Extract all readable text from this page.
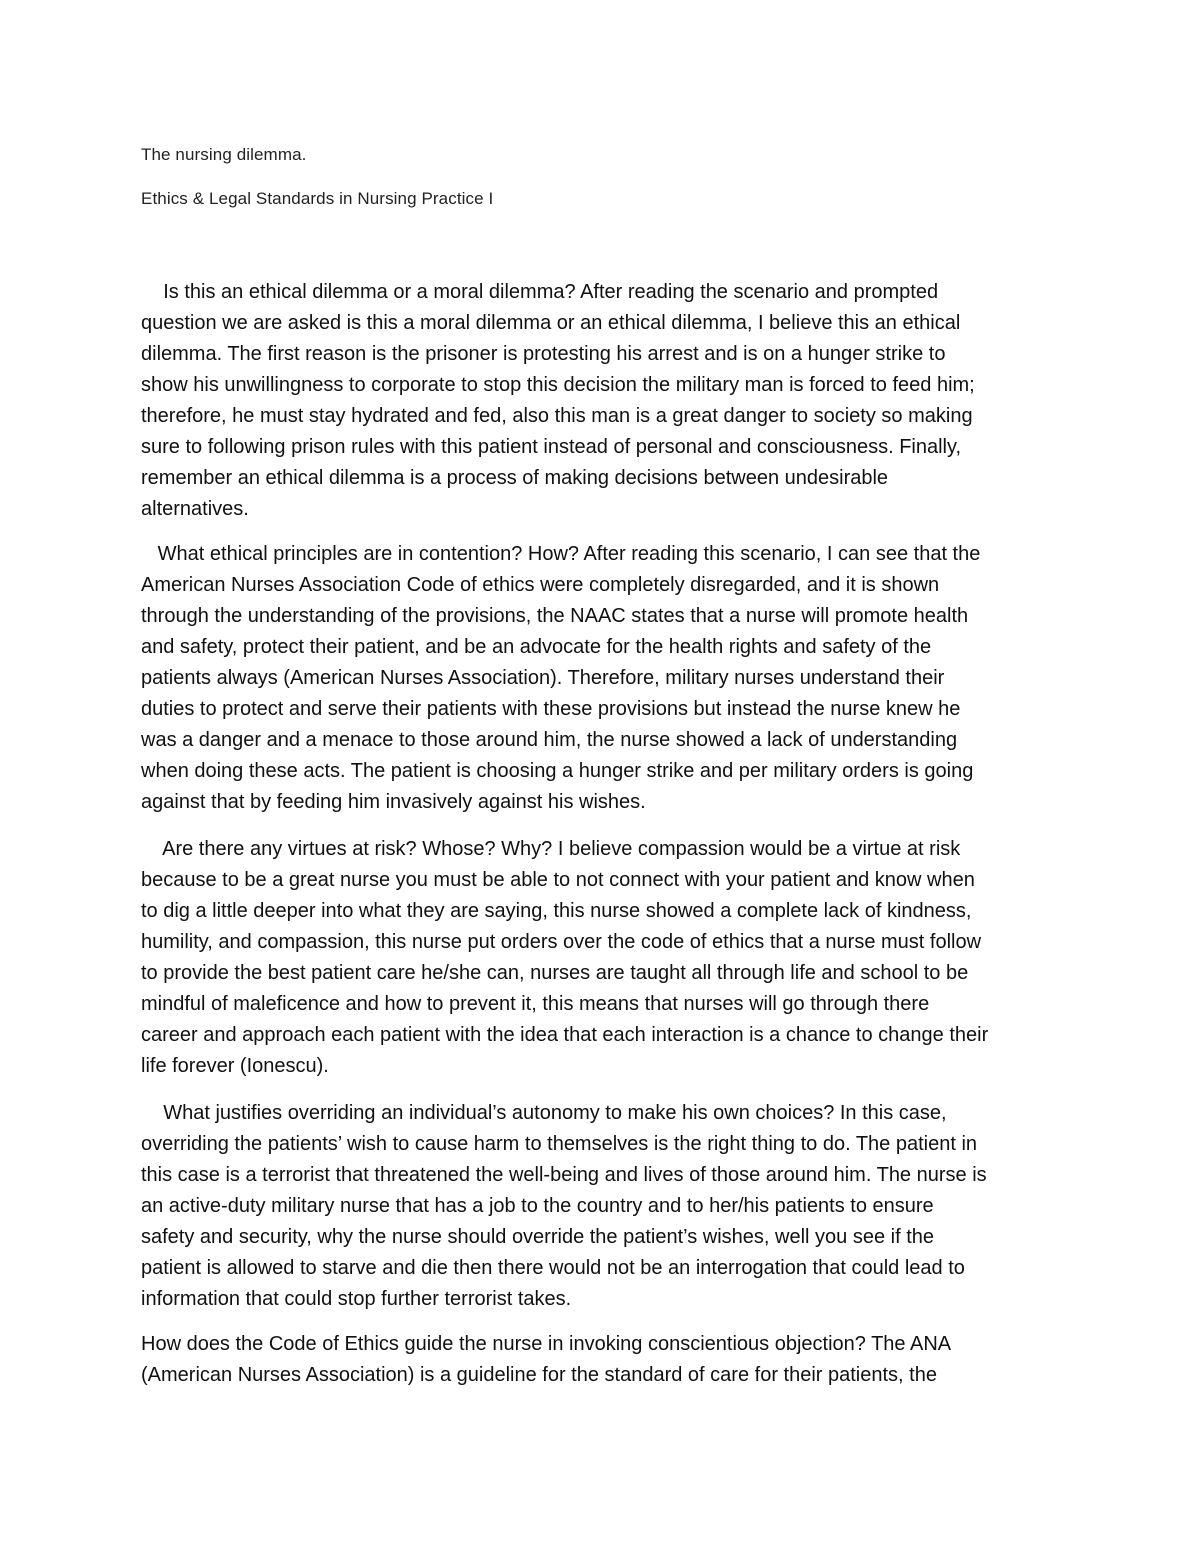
The nursing dilemma.
Ethics & Legal Standards in Nursing Practice I
Is this an ethical dilemma or a moral dilemma? After reading the scenario and prompted
question we are asked is this a moral dilemma or an ethical dilemma, I believe this an ethical
dilemma. The first reason is the prisoner is protesting his arrest and is on a hunger strike to
show his unwillingness to corporate to stop this decision the military man is forced to feed him;
therefore, he must stay hydrated and fed, also this man is a great danger to society so making
sure to following prison rules with this patient instead of personal and consciousness. Finally,
remember an ethical dilemma is a process of making decisions between undesirable
alternatives.
What ethical principles are in contention? How? After reading this scenario, I can see that the
American Nurses Association Code of ethics were completely disregarded, and it is shown
through the understanding of the provisions, the NAAC states that a nurse will promote health
and safety, protect their patient, and be an advocate for the health rights and safety of the
patients always (American Nurses Association). Therefore, military nurses understand their
duties to protect and serve their patients with these provisions but instead the nurse knew he
was a danger and a menace to those around him, the nurse showed a lack of understanding
when doing these acts. The patient is choosing a hunger strike and per military orders is going
against that by feeding him invasively against his wishes.
Are there any virtues at risk? Whose? Why? I believe compassion would be a virtue at risk
because to be a great nurse you must be able to not connect with your patient and know when
to dig a little deeper into what they are saying, this nurse showed a complete lack of kindness,
humility, and compassion, this nurse put orders over the code of ethics that a nurse must follow
to provide the best patient care he/she can, nurses are taught all through life and school to be
mindful of maleficence and how to prevent it, this means that nurses will go through there
career and approach each patient with the idea that each interaction is a chance to change their
life forever (Ionescu).
What justifies overriding an individual’s autonomy to make his own choices? In this case,
overriding the patients’ wish to cause harm to themselves is the right thing to do. The patient in
this case is a terrorist that threatened the well-being and lives of those around him. The nurse is
an active-duty military nurse that has a job to the country and to her/his patients to ensure
safety and security, why the nurse should override the patient’s wishes, well you see if the
patient is allowed to starve and die then there would not be an interrogation that could lead to
information that could stop further terrorist takes.
How does the Code of Ethics guide the nurse in invoking conscientious objection? The ANA
(American Nurses Association) is a guideline for the standard of care for their patients, the
